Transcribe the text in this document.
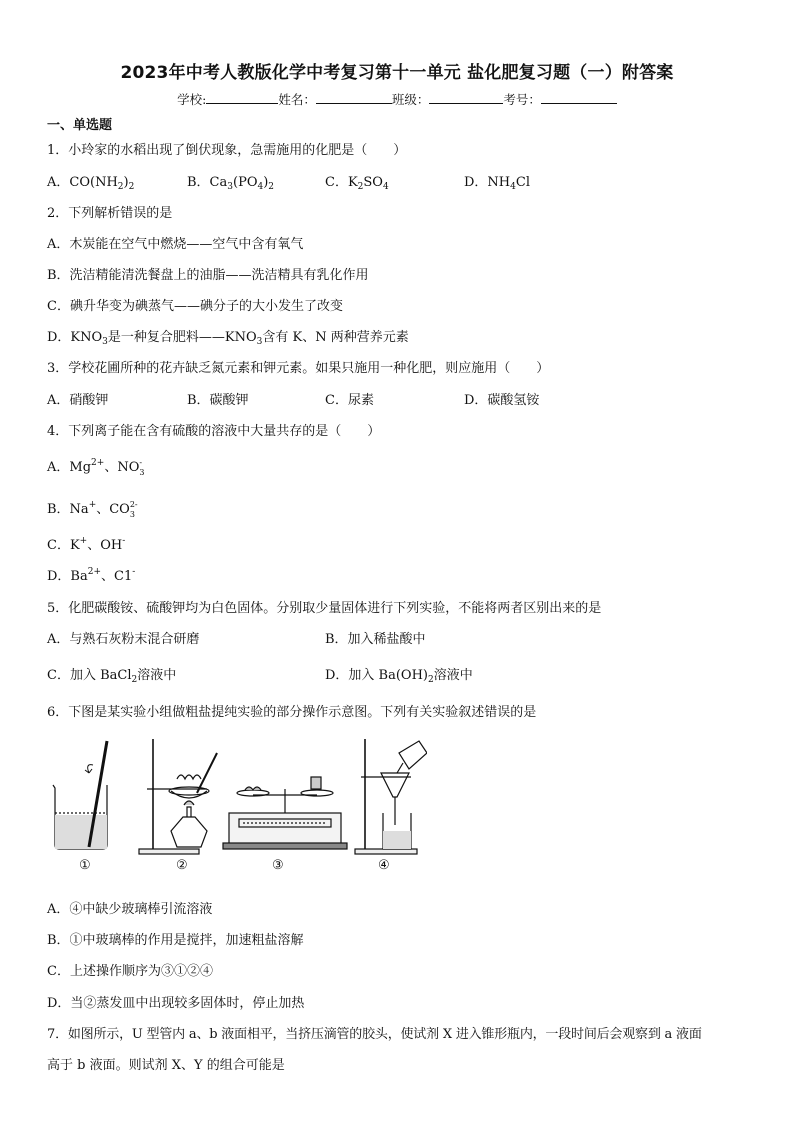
2023年中考人教版化学中考复习第十一单元 盐化肥复习题（一）附答案
学校:	姓名：	班级：	考号：
一、单选题
1．小玲家的水稻出现了倒伏现象，急需施用的化肥是（　　）
A．$CO(NH_2)_2$	B．$Ca_3(PO_4)_2$	C．$K_2SO_4$	D．$NH_4Cl$
2．下列解析错误的是
A．木炭能在空气中燃烧——空气中含有氧气
B．洗洁精能清洗餐盘上的油脂——洗洁精具有乳化作用
C．碘升华变为碘蒸气——碘分子的大小发生了改变
D．$KNO_3$是一种复合肥料$——KNO_3$含有 K、N 两种营养元素
3．学校花圃所种的花卉缺乏氮元素和钾元素。如果只施用一种化肥，则应施用（　　）
A．硝酸钾	B．碳酸钾	C．尿素	D．碳酸氢铵
4．下列离子能在含有硫酸的溶液中大量共存的是（　　）
A．$Mg^{2+}$、NO -
3
B．Na+、CO 2-
3
C．K+、OH-
D．$Ba^{2+}$、C1-
5．化肥碳酸铵、硫酸钾均为白色固体。分别取少量固体进行下列实验，不能将两者区别出来的是
A．与熟石灰粉末混合研磨	B．加入稀盐酸中
C．加入 BaCl$_2$溶液中	D．加入 $Ba(OH)_2$溶液中
6．下图是某实验小组做粗盐提纯实验的部分操作示意图。下列有关实验叙述错误的是
①	②	③	④
A．④中缺少玻璃棒引流溶液
B．①中玻璃棒的作用是搅拌，加速粗盐溶解
C．上述操作顺序为③①②④
D．当②蒸发皿中出现较多固体时，停止加热
7．如图所示，U 型管内 a、b 液面相平，当挤压滴管的胶头，使试剂 X 进入锥形瓶内，一段时间后会观察到 a 液面
高于 b 液面。则试剂 X、Y 的组合可能是
